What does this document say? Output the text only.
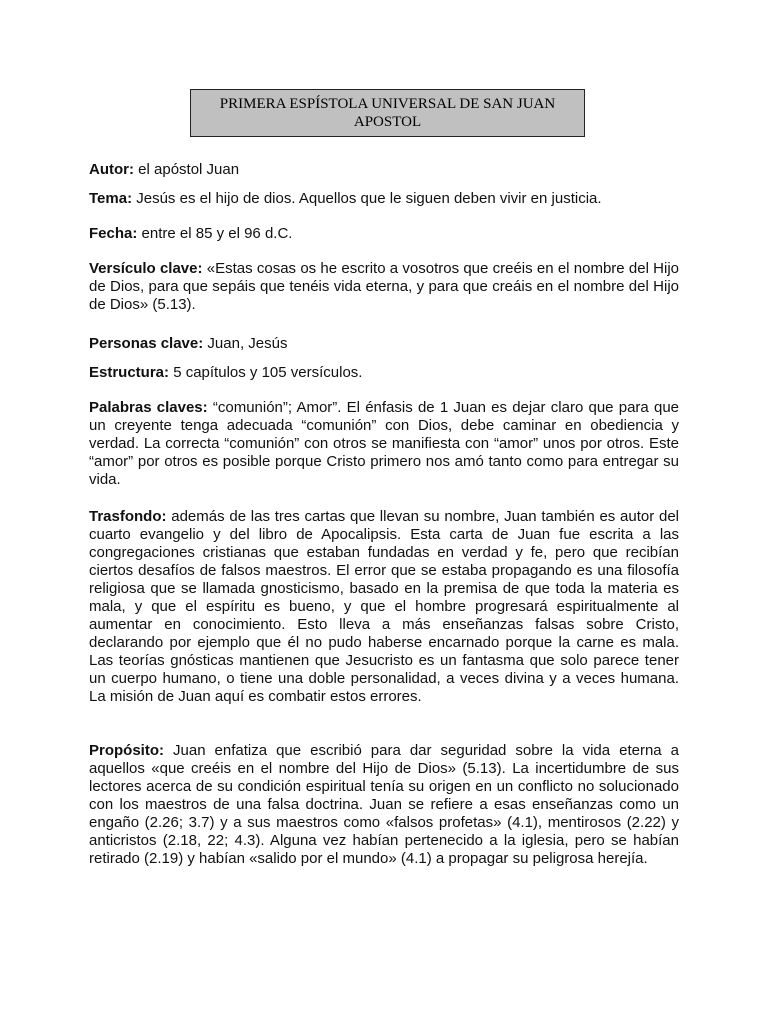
PRIMERA ESPÍSTOLA UNIVERSAL DE SAN JUAN
APOSTOL

Autor: el apóstol Juan

Tema: Jesús es el hijo de dios. Aquellos que le siguen deben vivir en justicia.

Fecha: entre el 85 y el 96 d.C.

Versículo clave: «Estas cosas os he escrito a vosotros que creéis en el nombre del Hijo de Dios, para que sepáis que tenéis vida eterna, y para que creáis en el nombre del Hijo de Dios» (5.13).

Personas clave: Juan, Jesús

Estructura: 5 capítulos y 105 versículos.

Palabras claves: “comunión”; Amor”. El énfasis de 1 Juan es dejar claro que para que un creyente tenga adecuada “comunión” con Dios, debe caminar en obediencia y verdad. La correcta “comunión” con otros se manifiesta con “amor” unos por otros. Este “amor” por otros es posible porque Cristo primero nos amó tanto como para entregar su vida.

Trasfondo: además de las tres cartas que llevan su nombre, Juan también es autor del cuarto evangelio y del libro de Apocalipsis. Esta carta de Juan fue escrita a las congregaciones cristianas que estaban fundadas en verdad y fe, pero que recibían ciertos desafíos de falsos maestros. El error que se estaba propagando es una filosofía religiosa que se llamada gnosticismo, basado en la premisa de que toda la materia es mala, y que el espíritu es bueno, y que el hombre progresará espiritualmente al aumentar en conocimiento. Esto lleva a más enseñanzas falsas sobre Cristo, declarando por ejemplo que él no pudo haberse encarnado porque la carne es mala. Las teorías gnósticas mantienen que Jesucristo es un fantasma que solo parece tener un cuerpo humano, o tiene una doble personalidad, a veces divina y a veces humana. La misión de Juan aquí es combatir estos errores.

Propósito: Juan enfatiza que escribió para dar seguridad sobre la vida eterna a aquellos «que creéis en el nombre del Hijo de Dios» (5.13). La incertidumbre de sus lectores acerca de su condición espiritual tenía su origen en un conflicto no solucionado con los maestros de una falsa doctrina. Juan se refiere a esas enseñanzas como un engaño (2.26; 3.7) y a sus maestros como «falsos profetas» (4.1), mentirosos (2.22) y anticristos (2.18, 22; 4.3). Alguna vez habían pertenecido a la iglesia, pero se habían retirado (2.19) y habían «salido por el mundo» (4.1) a propagar su peligrosa herejía.
